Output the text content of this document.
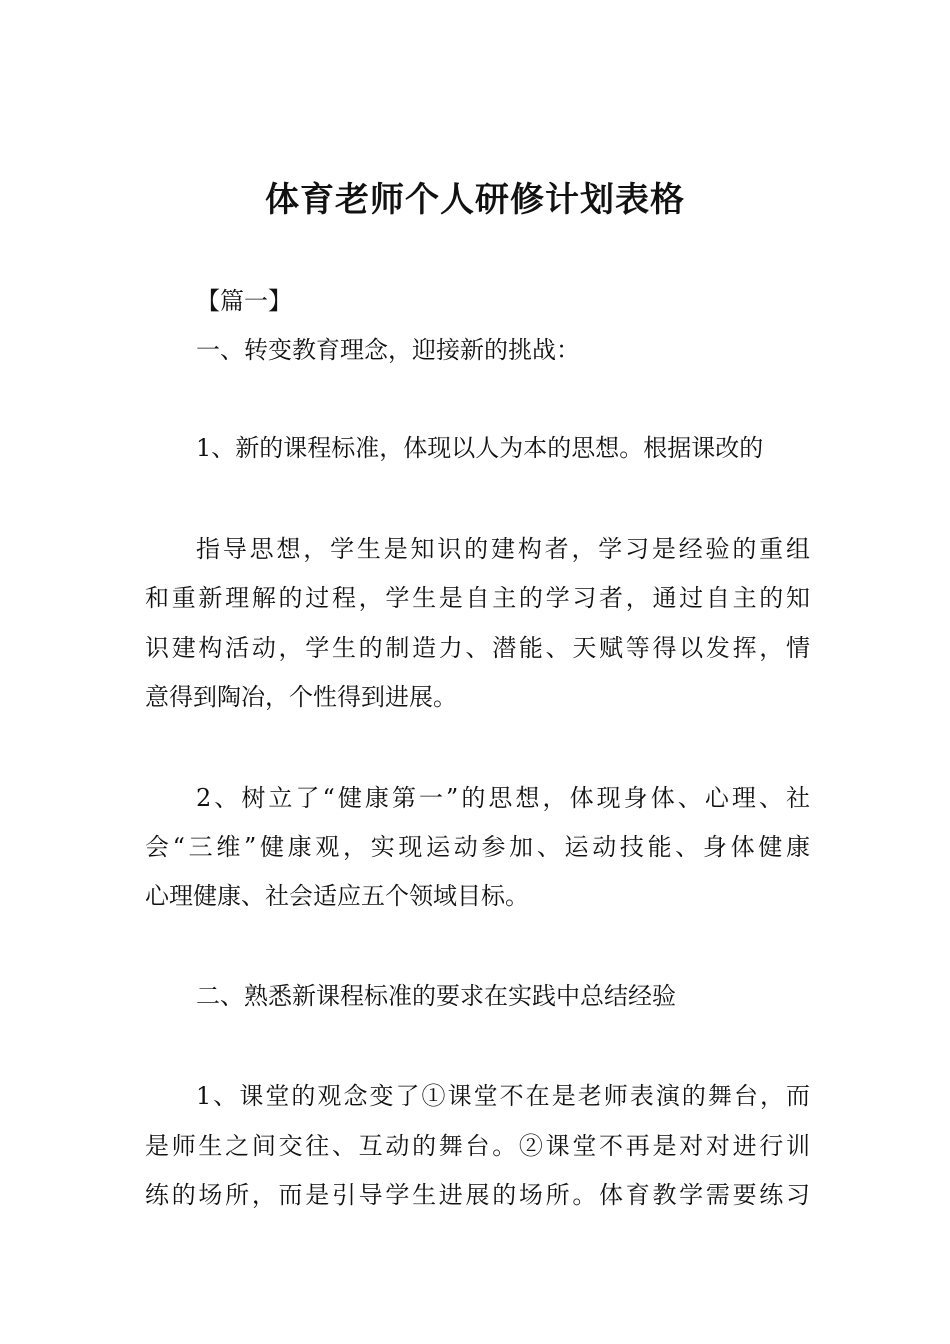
体育老师个人研修计划表格
【篇一】
一、转变教育理念，迎接新的挑战：
1、新的课程标准，体现以人为本的思想。根据课改的
指导思想，学生是知识的建构者，学习是经验的重组
和重新理解的过程，学生是自主的学习者，通过自主的知
识建构活动，学生的制造力、潜能、天赋等得以发挥，情
意得到陶冶，个性得到进展。
2、树立了“健康第一”的思想，体现身体、心理、社
会“三维”健康观，实现运动参加、运动技能、身体健康
心理健康、社会适应五个领域目标。
二、熟悉新课程标准的要求在实践中总结经验
1、课堂的观念变了①课堂不在是老师表演的舞台，而
是师生之间交往、互动的舞台。②课堂不再是对对进行训
练的场所，而是引导学生进展的场所。体育教学需要练习
